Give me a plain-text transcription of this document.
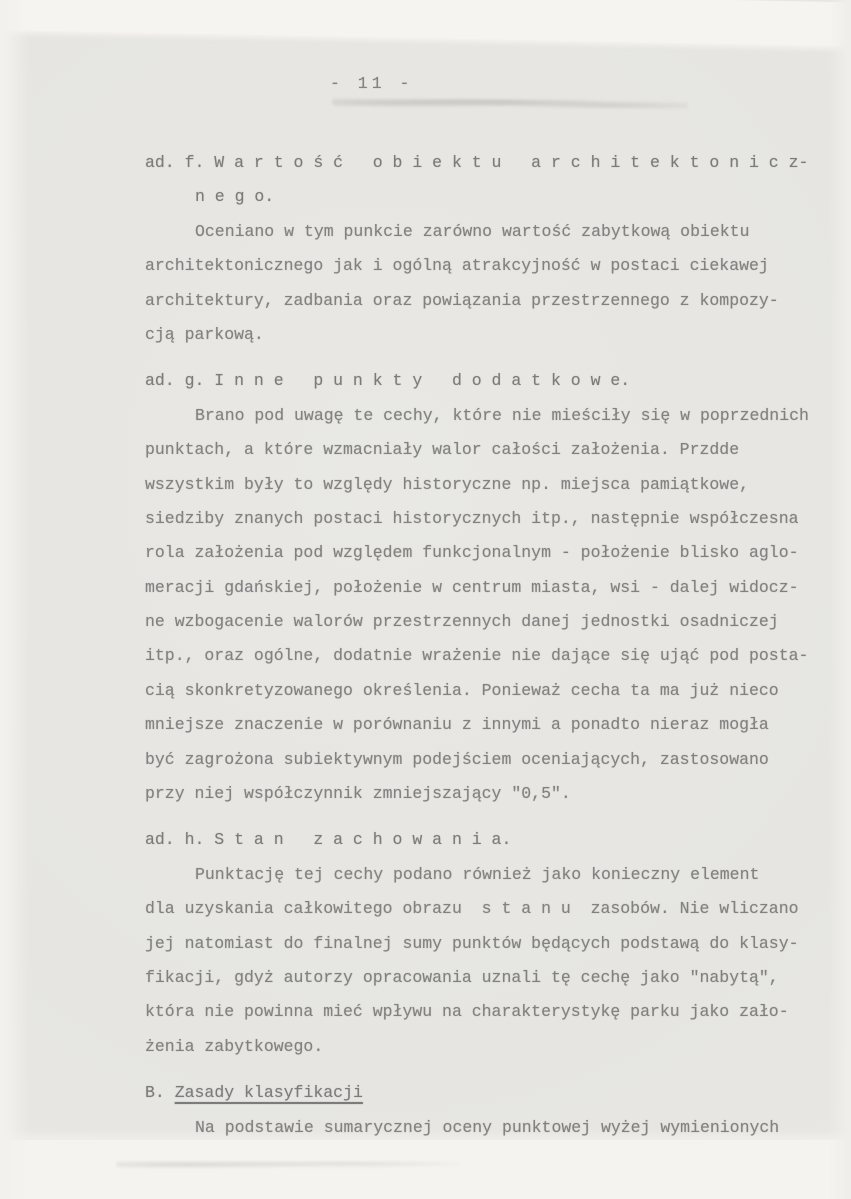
- 11 -
ad. f. W a r t o ś ć   o b i e k t u   a r c h i t e k t o n i c z-
n e g o.
Oceniano w tym punkcie zarówno wartość zabytkową obiektu
architektonicznego jak i ogólną atrakcyjność w postaci ciekawej
architektury, zadbania oraz powiązania przestrzennego z kompozy-
cją parkową.
ad. g. I n n e   p u n k t y   d o d a t k o w e.
Brano pod uwagę te cechy, które nie mieściły się w poprzednich
punktach, a które wzmacniały walor całości założenia. Przdde
wszystkim były to względy historyczne np. miejsca pamiątkowe,
siedziby znanych postaci historycznych itp., następnie współczesna
rola założenia pod względem funkcjonalnym - położenie blisko aglo-
meracji gdańskiej, położenie w centrum miasta, wsi - dalej widocz-
ne wzbogacenie walorów przestrzennych danej jednostki osadniczej
itp., oraz ogólne, dodatnie wrażenie nie dające się ująć pod posta-
cią skonkretyzowanego określenia. Ponieważ cecha ta ma już nieco
mniejsze znaczenie w porównaniu z innymi a ponadto nieraz mogła
być zagrożona subiektywnym podejściem oceniających, zastosowano
przy niej współczynnik zmniejszający "0,5".
ad. h. S t a n   z a c h o w a n i a.
Punktację tej cechy podano również jako konieczny element
dla uzyskania całkowitego obrazu  s t a n u  zasobów. Nie wliczano
jej natomiast do finalnej sumy punktów będących podstawą do klasy-
fikacji, gdyż autorzy opracowania uznali tę cechę jako "nabytą",
która nie powinna mieć wpływu na charakterystykę parku jako zało-
żenia zabytkowego.
B. Zasady klasyfikacji
Na podstawie sumarycznej oceny punktowej wyżej wymienionych
